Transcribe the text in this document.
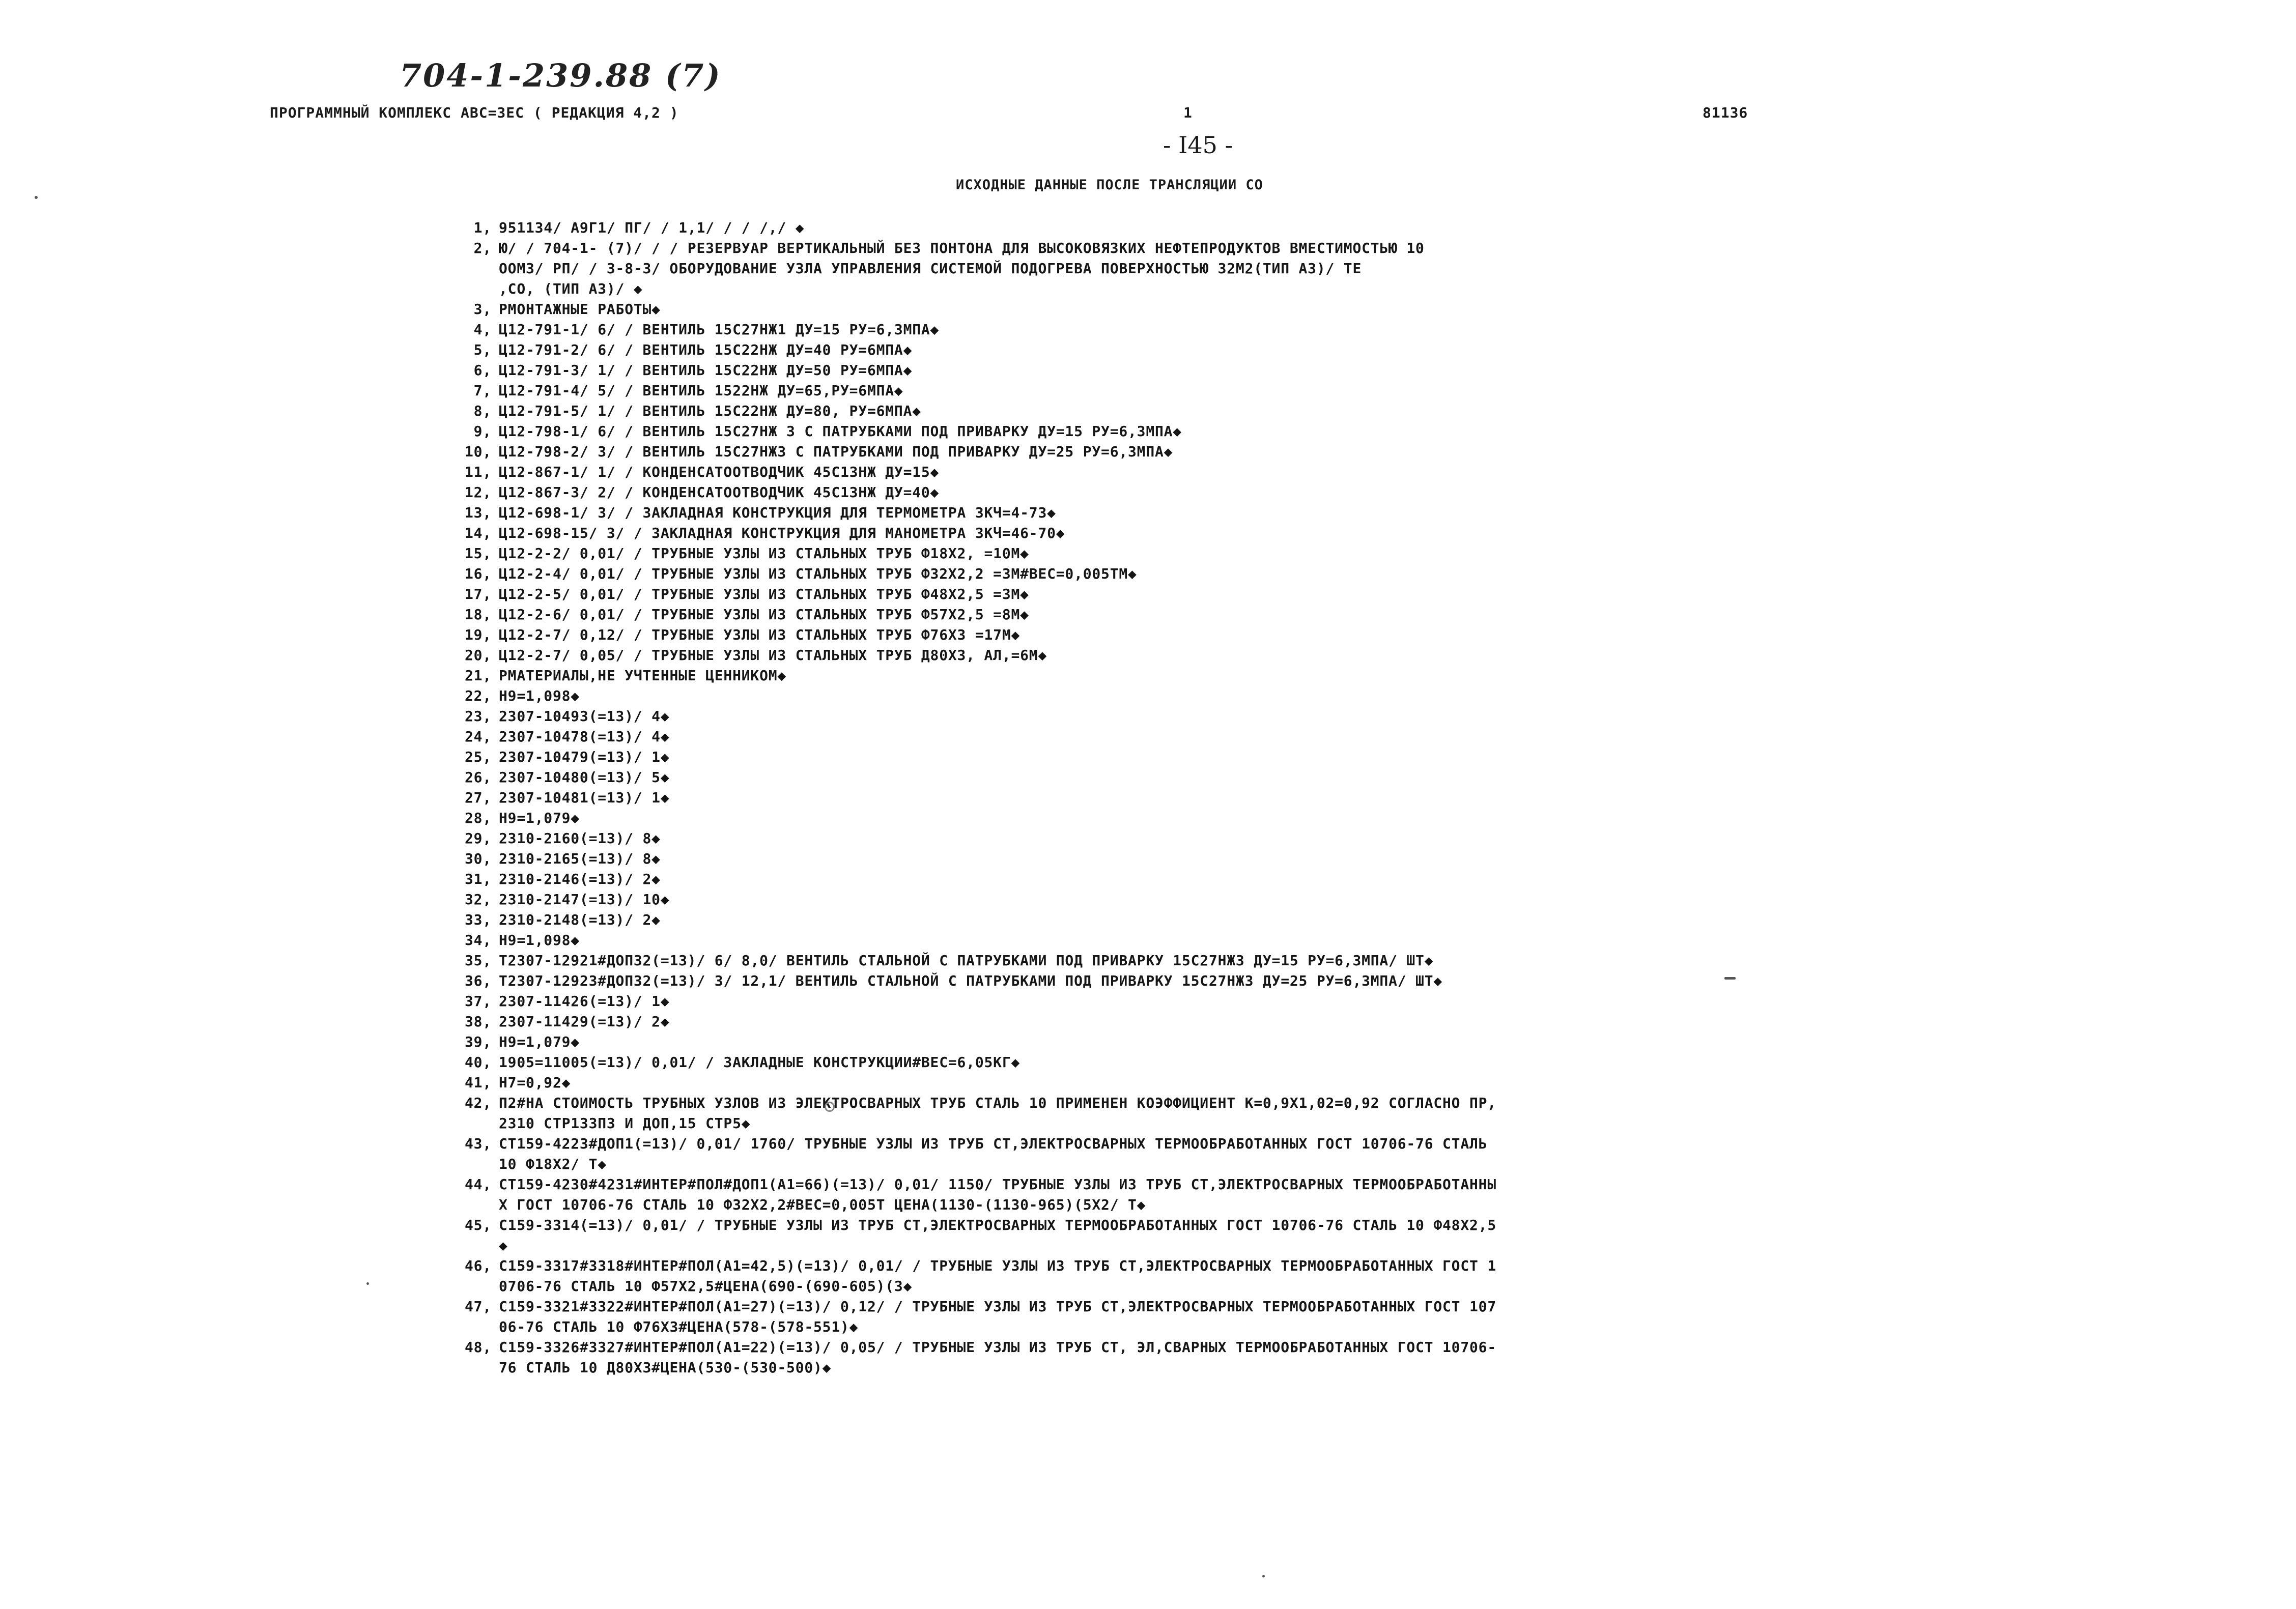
704-1-239.88 (7)
ПРОГРАММНЫЙ КОМПЛЕКС АВС=3ЕС ( РЕДАКЦИЯ 4,2 )	1	81136
- I45 -
ИСХОДНЫЕ ДАННЫЕ ПОСЛЕ ТРАНСЛЯЦИИ СО
1, 951134/ А9Г1/ ПГ/ / 1,1/ / / /,/ ◆
2, Ю/ / 704-1- (7)/ / / РЕЗЕРВУАР ВЕРТИКАЛЬНЫЙ БЕЗ ПОНТОНА ДЛЯ ВЫСОКОВЯЗКИХ НЕФТЕПРОДУКТОВ ВМЕСТИМОСТЬЮ 10
ООМ3/ РП/ / 3-8-3/ ОБОРУДОВАНИЕ УЗЛА УПРАВЛЕНИЯ СИСТЕМОЙ ПОДОГРЕВА ПОВЕРХНОСТЬЮ 32М2(ТИП А3)/ ТЕ
,СО, (ТИП А3)/ ◆
3, РМОНТАЖНЫЕ РАБОТЫ◆
4, Ц12-791-1/ 6/ / ВЕНТИЛЬ 15С27НЖ1 ДУ=15 РУ=6,3МПА◆
5, Ц12-791-2/ 6/ / ВЕНТИЛЬ 15С22НЖ ДУ=40 РУ=6МПА◆
6, Ц12-791-3/ 1/ / ВЕНТИЛЬ 15С22НЖ ДУ=50 РУ=6МПА◆
7, Ц12-791-4/ 5/ / ВЕНТИЛЬ 1522НЖ ДУ=65,РУ=6МПА◆
8, Ц12-791-5/ 1/ / ВЕНТИЛЬ 15С22НЖ ДУ=80, РУ=6МПА◆
9, Ц12-798-1/ 6/ / ВЕНТИЛЬ 15С27НЖ 3 С ПАТРУБКАМИ ПОД ПРИВАРКУ ДУ=15 РУ=6,3МПА◆
10, Ц12-798-2/ 3/ / ВЕНТИЛЬ 15С27НЖ3 С ПАТРУБКАМИ ПОД ПРИВАРКУ ДУ=25 РУ=6,3МПА◆
11, Ц12-867-1/ 1/ / КОНДЕНСАТООТВОДЧИК 45С13НЖ ДУ=15◆
12, Ц12-867-3/ 2/ / КОНДЕНСАТООТВОДЧИК 45С13НЖ ДУ=40◆
13, Ц12-698-1/ 3/ / ЗАКЛАДНАЯ КОНСТРУКЦИЯ ДЛЯ ТЕРМОМЕТРА ЗКЧ=4-73◆
14, Ц12-698-15/ 3/ / ЗАКЛАДНАЯ КОНСТРУКЦИЯ ДЛЯ МАНОМЕТРА ЗКЧ=46-70◆
15, Ц12-2-2/ 0,01/ / ТРУБНЫЕ УЗЛЫ ИЗ СТАЛЬНЫХ ТРУБ Ф18Х2, =10М◆
16, Ц12-2-4/ 0,01/ / ТРУБНЫЕ УЗЛЫ ИЗ СТАЛЬНЫХ ТРУБ Ф32Х2,2 =3М#ВЕС=0,005ТМ◆
17, Ц12-2-5/ 0,01/ / ТРУБНЫЕ УЗЛЫ ИЗ СТАЛЬНЫХ ТРУБ Ф48Х2,5 =3М◆
18, Ц12-2-6/ 0,01/ / ТРУБНЫЕ УЗЛЫ ИЗ СТАЛЬНЫХ ТРУБ Ф57Х2,5 =8М◆
19, Ц12-2-7/ 0,12/ / ТРУБНЫЕ УЗЛЫ ИЗ СТАЛЬНЫХ ТРУБ Ф76Х3 =17М◆
20, Ц12-2-7/ 0,05/ / ТРУБНЫЕ УЗЛЫ ИЗ СТАЛЬНЫХ ТРУБ Д80Х3, АЛ,=6М◆
21, РМАТЕРИАЛЫ,НЕ УЧТЕННЫЕ ЦЕННИКОМ◆
22, Н9=1,098◆
23, 2307-10493(=13)/ 4◆
24, 2307-10478(=13)/ 4◆
25, 2307-10479(=13)/ 1◆
26, 2307-10480(=13)/ 5◆
27, 2307-10481(=13)/ 1◆
28, Н9=1,079◆
29, 2310-2160(=13)/ 8◆
30, 2310-2165(=13)/ 8◆
31, 2310-2146(=13)/ 2◆
32, 2310-2147(=13)/ 10◆
33, 2310-2148(=13)/ 2◆
34, Н9=1,098◆
35, Т2307-12921#ДОП32(=13)/ 6/ 8,0/ ВЕНТИЛЬ СТАЛЬНОЙ С ПАТРУБКАМИ ПОД ПРИВАРКУ 15С27НЖ3 ДУ=15 РУ=6,3МПА/ ШТ◆
36, Т2307-12923#ДОП32(=13)/ 3/ 12,1/ ВЕНТИЛЬ СТАЛЬНОЙ С ПАТРУБКАМИ ПОД ПРИВАРКУ 15С27НЖ3 ДУ=25 РУ=6,3МПА/ ШТ◆
37, 2307-11426(=13)/ 1◆
38, 2307-11429(=13)/ 2◆
39, Н9=1,079◆
40, 1905=11005(=13)/ 0,01/ / ЗАКЛАДНЫЕ КОНСТРУКЦИИ#ВЕС=6,05КГ◆
41, Н7=0,92◆
42, П2#НА СТОИМОСТЬ ТРУБНЫХ УЗЛОВ ИЗ ЭЛЕКТРОСВАРНЫХ ТРУБ СТАЛЬ 10 ПРИМЕНЕН КОЭФФИЦИЕНТ К=0,9Х1,02=0,92 СОГЛАСНО ПР,
2310 СТР13ЗПЗ И ДОП,15 СТР5◆
43, СТ159-4223#ДОП1(=13)/ 0,01/ 1760/ ТРУБНЫЕ УЗЛЫ ИЗ ТРУБ СТ,ЭЛЕКТРОСВАРНЫХ ТЕРМООБРАБОТАННЫХ ГОСТ 10706-76 СТАЛЬ
10 Ф18Х2/ Т◆
44, СТ159-4230#4231#ИНТЕР#ПОЛ#ДОП1(А1=66)(=13)/ 0,01/ 1150/ ТРУБНЫЕ УЗЛЫ ИЗ ТРУБ СТ,ЭЛЕКТРОСВАРНЫХ ТЕРМООБРАБОТАННЫ
Х ГОСТ 10706-76 СТАЛЬ 10 Ф32Х2,2#ВЕС=0,005Т ЦЕНА(1130-(1130-965)(5Х2/ Т◆
45, С159-3314(=13)/ 0,01/ / ТРУБНЫЕ УЗЛЫ ИЗ ТРУБ СТ,ЭЛЕКТРОСВАРНЫХ ТЕРМООБРАБОТАННЫХ ГОСТ 10706-76 СТАЛЬ 10 Ф48Х2,5
◆
46, С159-3317#3318#ИНТЕР#ПОЛ(А1=42,5)(=13)/ 0,01/ / ТРУБНЫЕ УЗЛЫ ИЗ ТРУБ СТ,ЭЛЕКТРОСВАРНЫХ ТЕРМООБРАБОТАННЫХ ГОСТ 1
0706-76 СТАЛЬ 10 Ф57Х2,5#ЦЕНА(690-(690-605)(3◆
47, С159-3321#3322#ИНТЕР#ПОЛ(А1=27)(=13)/ 0,12/ / ТРУБНЫЕ УЗЛЫ ИЗ ТРУБ СТ,ЭЛЕКТРОСВАРНЫХ ТЕРМООБРАБОТАННЫХ ГОСТ 107
06-76 СТАЛЬ 10 Ф76Х3#ЦЕНА(578-(578-551)◆
48, С159-3326#3327#ИНТЕР#ПОЛ(А1=22)(=13)/ 0,05/ / ТРУБНЫЕ УЗЛЫ ИЗ ТРУБ СТ, ЭЛ,СВАРНЫХ ТЕРМООБРАБОТАННЫХ ГОСТ 10706-
76 СТАЛЬ 10 Д80Х3#ЦЕНА(530-(530-500)◆
